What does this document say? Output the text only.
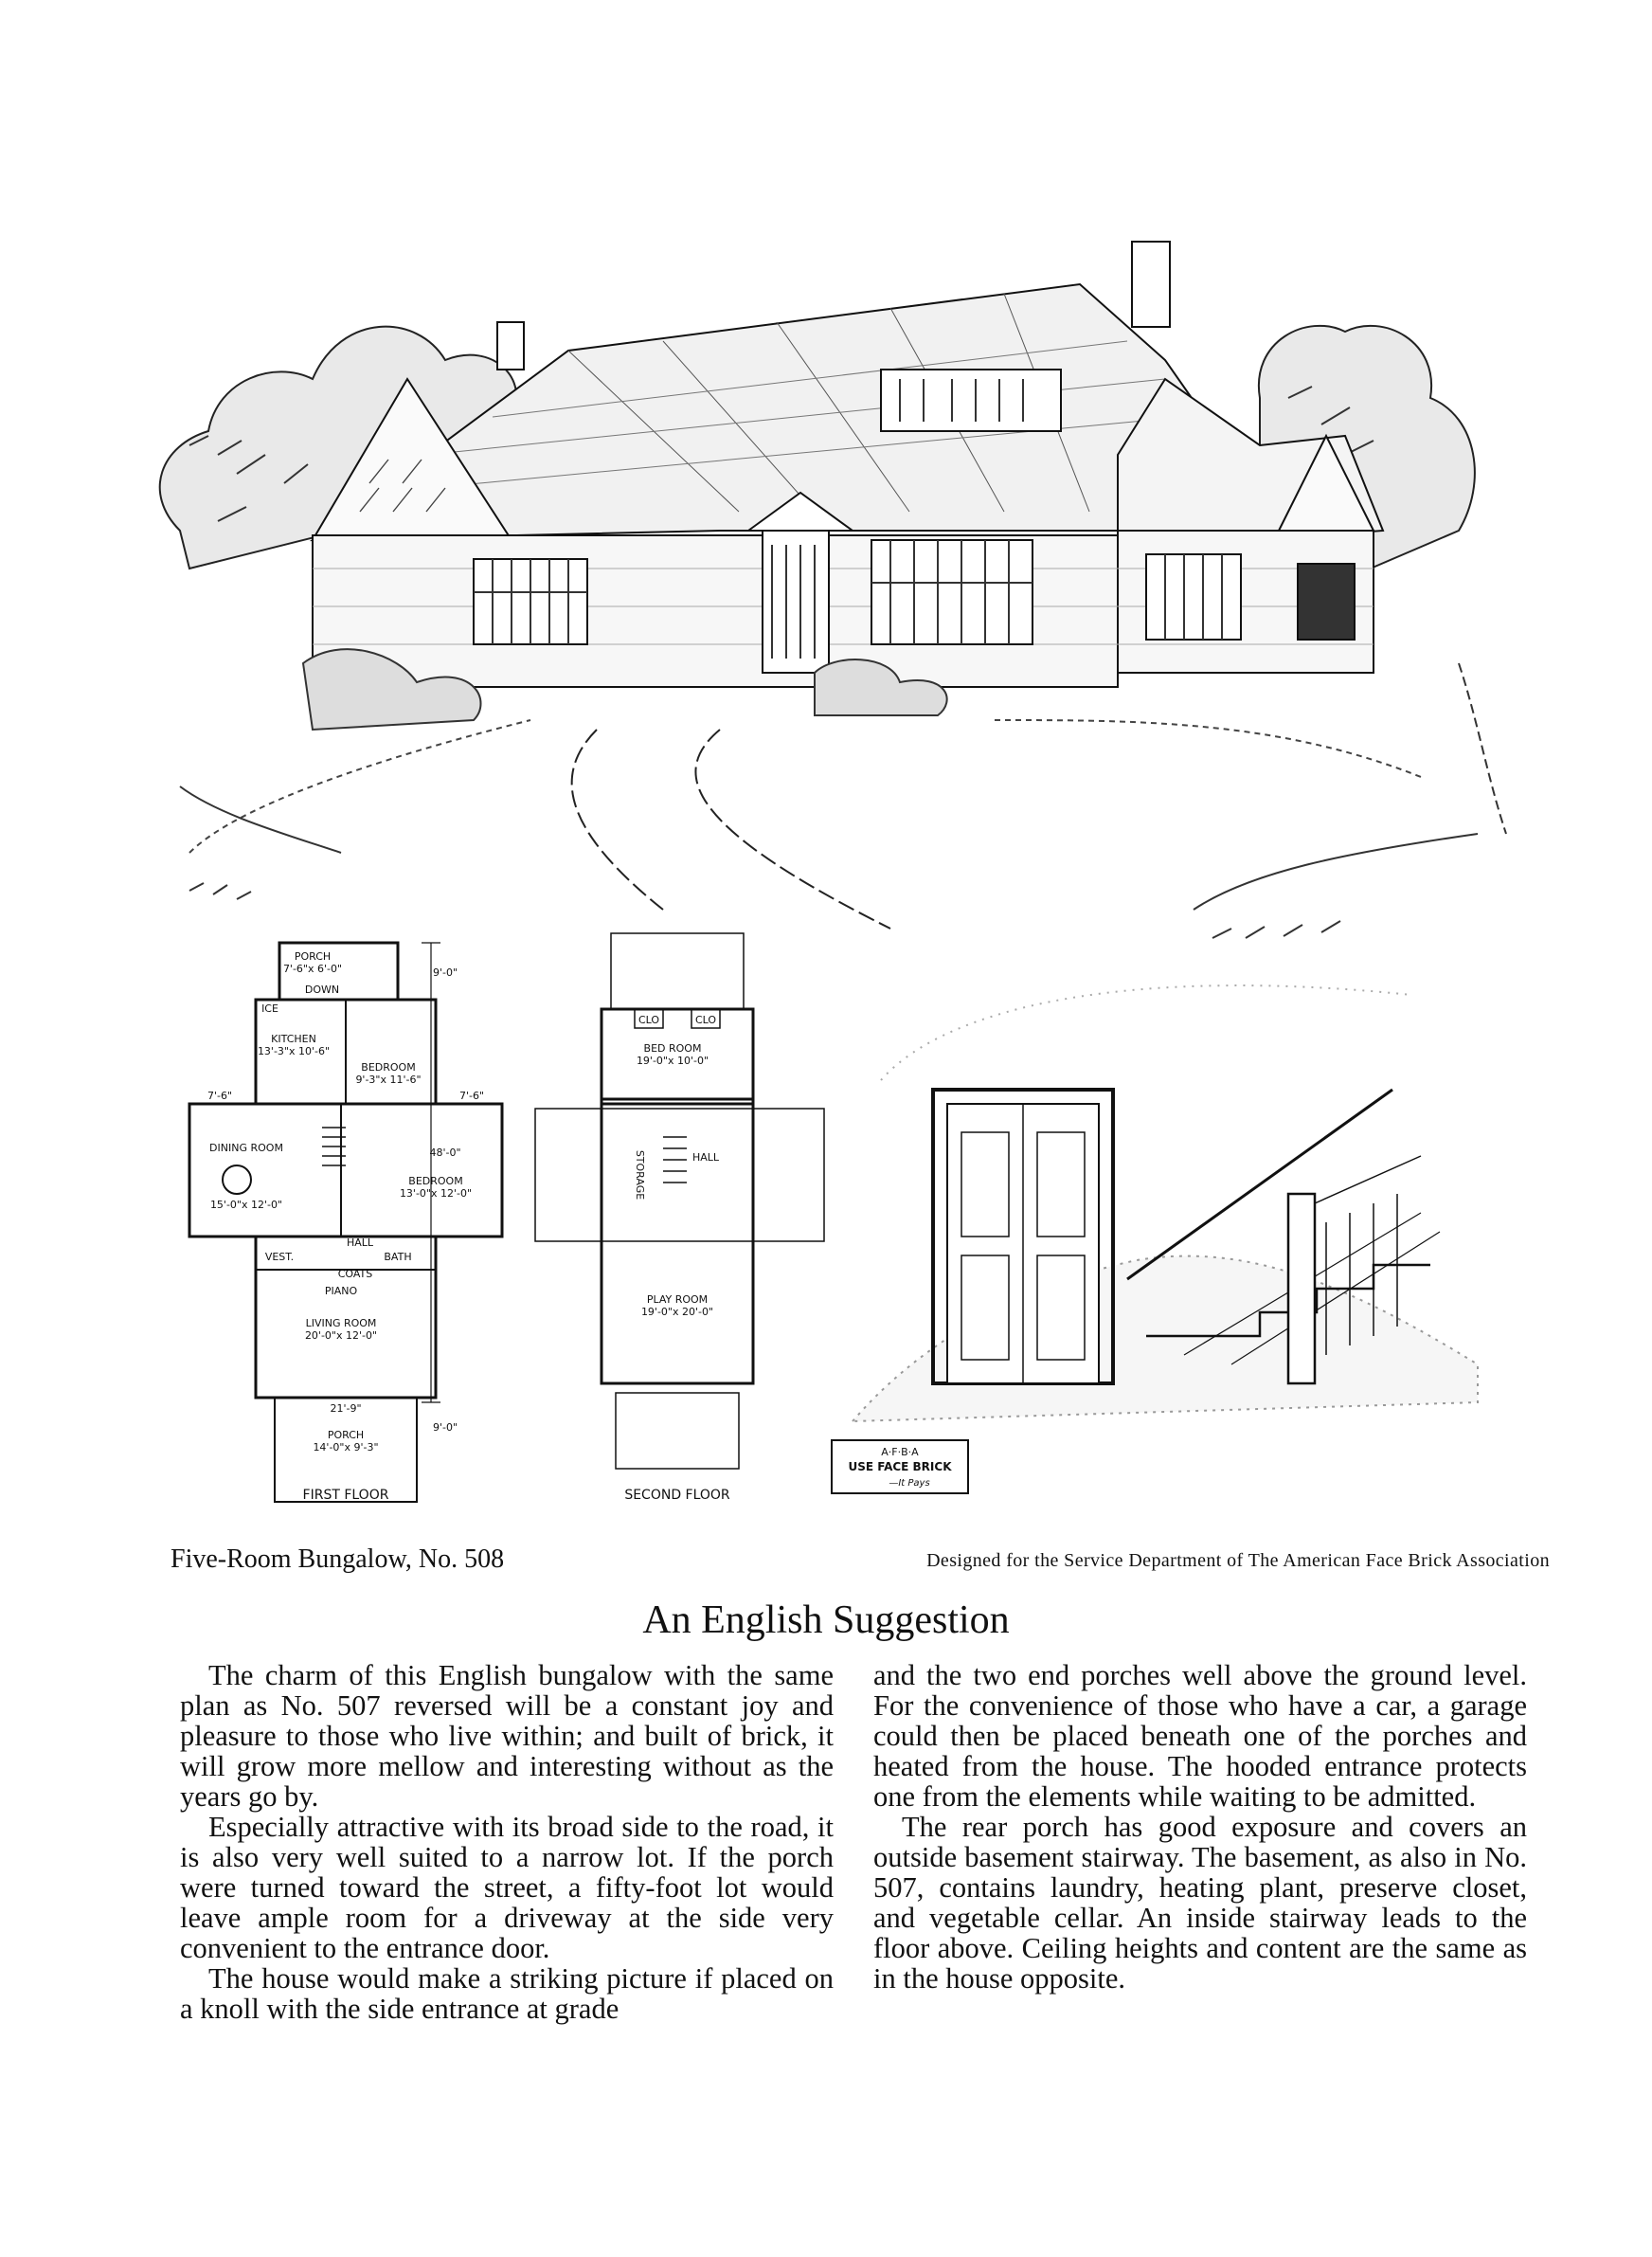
PORCH
7'-6"x 6'-0"
DOWN
ICE
KITCHEN
13'-3"x 10'-6"
BEDROOM
9'-3"x 11'-6"
DINING ROOM
15'-0"x 12'-0"
BEDROOM
13'-0"x 12'-0"
HALL
VEST.	BATH
COATS
PIANO
LIVING ROOM
20'-0"x 12'-0"
PORCH
14'-0"x 9'-3"
9'-0"
7'-6"	7'-6"
48'-0"
21'-9"
9'-0"
FIRST FLOOR
CLO	CLO
BED ROOM
19'-0"x 10'-0"
STORAGE	HALL
PLAY ROOM
19'-0"x 20'-0"
SECOND FLOOR
A·F·B·A
USE FACE BRICK
—It Pays
Five-Room Bungalow, No. 508	Designed for the Service Department of The American Face Brick Association
An English Suggestion

The charm of this English bungalow with the same plan as No. 507 reversed will be a constant joy and pleasure to those who live within; and built of brick, it will grow more mellow and interesting without as the years go by.

Especially attractive with its broad side to the road, it is also very well suited to a narrow lot. If the porch were turned toward the street, a fifty-foot lot would leave ample room for a driveway at the side very convenient to the entrance door.

The house would make a striking picture if placed on a knoll with the side entrance at grade

and the two end porches well above the ground level. For the convenience of those who have a car, a garage could then be placed beneath one of the porches and heated from the house. The hooded entrance protects one from the elements while waiting to be admitted.

The rear porch has good exposure and covers an outside basement stairway. The basement, as also in No. 507, contains laundry, heating plant, preserve closet, and vegetable cellar. An inside stairway leads to the floor above. Ceiling heights and content are the same as in the house opposite.
